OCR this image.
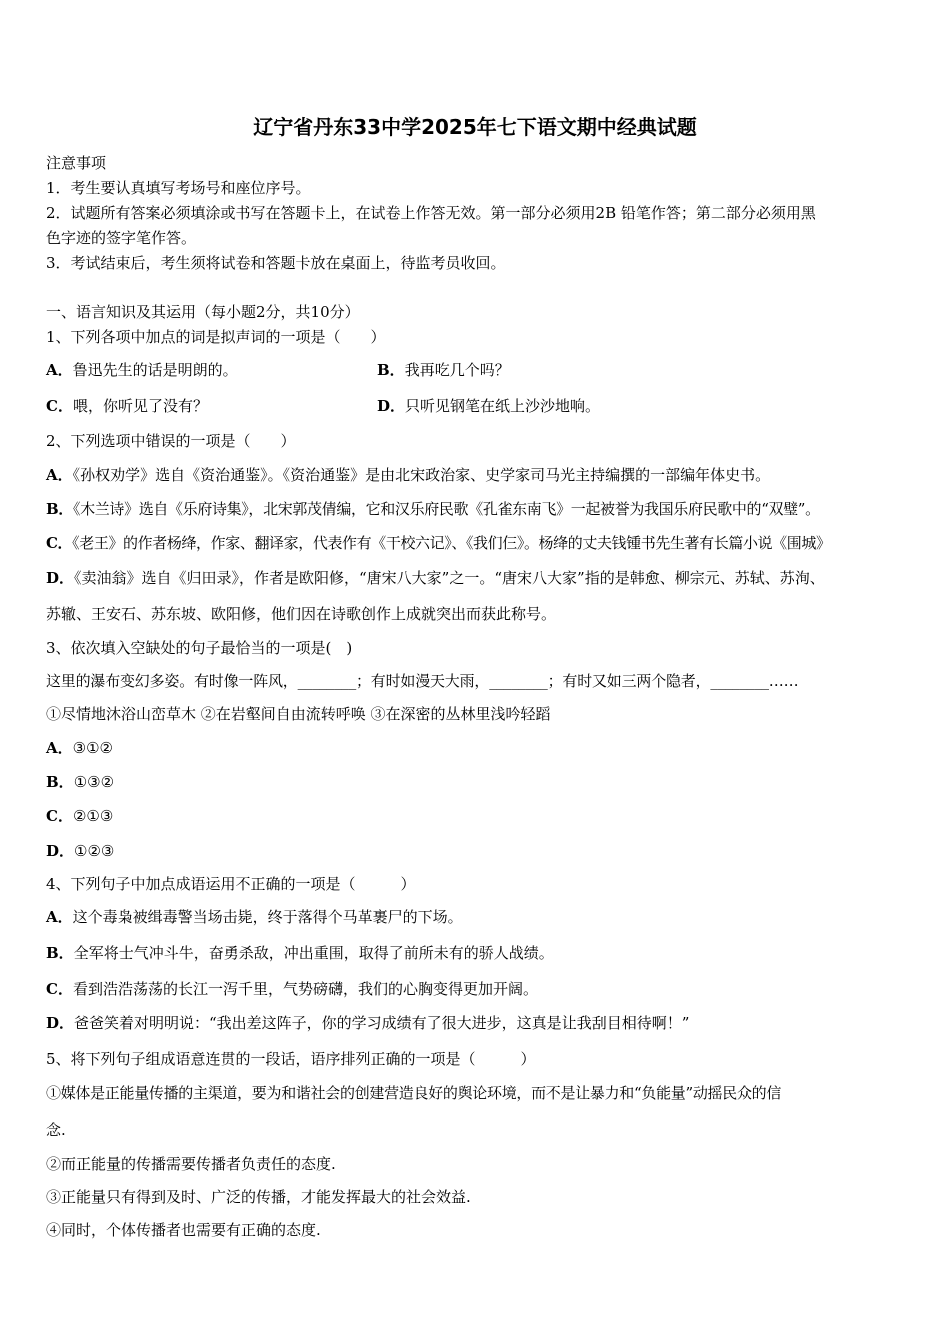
辽宁省丹东33中学2025年七下语文期中经典试题
注意事项
1．考生要认真填写考场号和座位序号。
2．试题所有答案必须填涂或书写在答题卡上，在试卷上作答无效。第一部分必须用2B 铅笔作答；第二部分必须用黑
色字迹的签字笔作答。
3．考试结束后，考生须将试卷和答题卡放在桌面上，待监考员收回。
一、语言知识及其运用（每小题2分，共10分）
1、下列各项中加点的词是拟声词的一项是（　　）
A．鲁迅先生的话是明朗的。	B．我再吃几个吗？
C．喂，你听见了没有？	D．只听见钢笔在纸上沙沙地响。
2、下列选项中错误的一项是（　　）
A．《孙权劝学》选自《资治通鉴》。《资治通鉴》是由北宋政治家、史学家司马光主持编撰的一部编年体史书。
B．《木兰诗》选自《乐府诗集》，北宋郭茂倩编，它和汉乐府民歌《孔雀东南飞》一起被誉为我国乐府民歌中的“双璧”。
C．《老王》的作者杨绛，作家、翻译家，代表作有《干校六记》、《我们仨》。杨绛的丈夫钱锺书先生著有长篇小说《围城》
D．《卖油翁》选自《归田录》，作者是欧阳修，“唐宋八大家”之一。“唐宋八大家”指的是韩愈、柳宗元、苏轼、苏洵、
苏辙、王安石、苏东坡、欧阳修，他们因在诗歌创作上成就突出而获此称号。
3、依次填入空缺处的句子最恰当的一项是(　)
这里的瀑布变幻多姿。有时像一阵风，________；有时如漫天大雨，________；有时又如三两个隐者，________……
①尽情地沐浴山峦草木 ②在岩壑间自由流转呼唤 ③在深密的丛林里浅吟轻蹈
A．③①②
B．①③②
C．②①③
D．①②③
4、下列句子中加点成语运用不正确的一项是（　　　）
A．这个毒枭被缉毒警当场击毙，终于落得个马革裹尸的下场。
B．全军将士气冲斗牛，奋勇杀敌，冲出重围，取得了前所未有的骄人战绩。
C．看到浩浩荡荡的长江一泻千里，气势磅礴，我们的心胸变得更加开阔。
D．爸爸笑着对明明说：“我出差这阵子，你的学习成绩有了很大进步，这真是让我刮目相待啊！”
5、将下列句子组成语意连贯的一段话，语序排列正确的一项是（　　　）
①媒体是正能量传播的主渠道，要为和谐社会的创建营造良好的舆论环境，而不是让暴力和“负能量”动摇民众的信
念.
②而正能量的传播需要传播者负责任的态度.
③正能量只有得到及时、广泛的传播，才能发挥最大的社会效益.
④同时，个体传播者也需要有正确的态度.
